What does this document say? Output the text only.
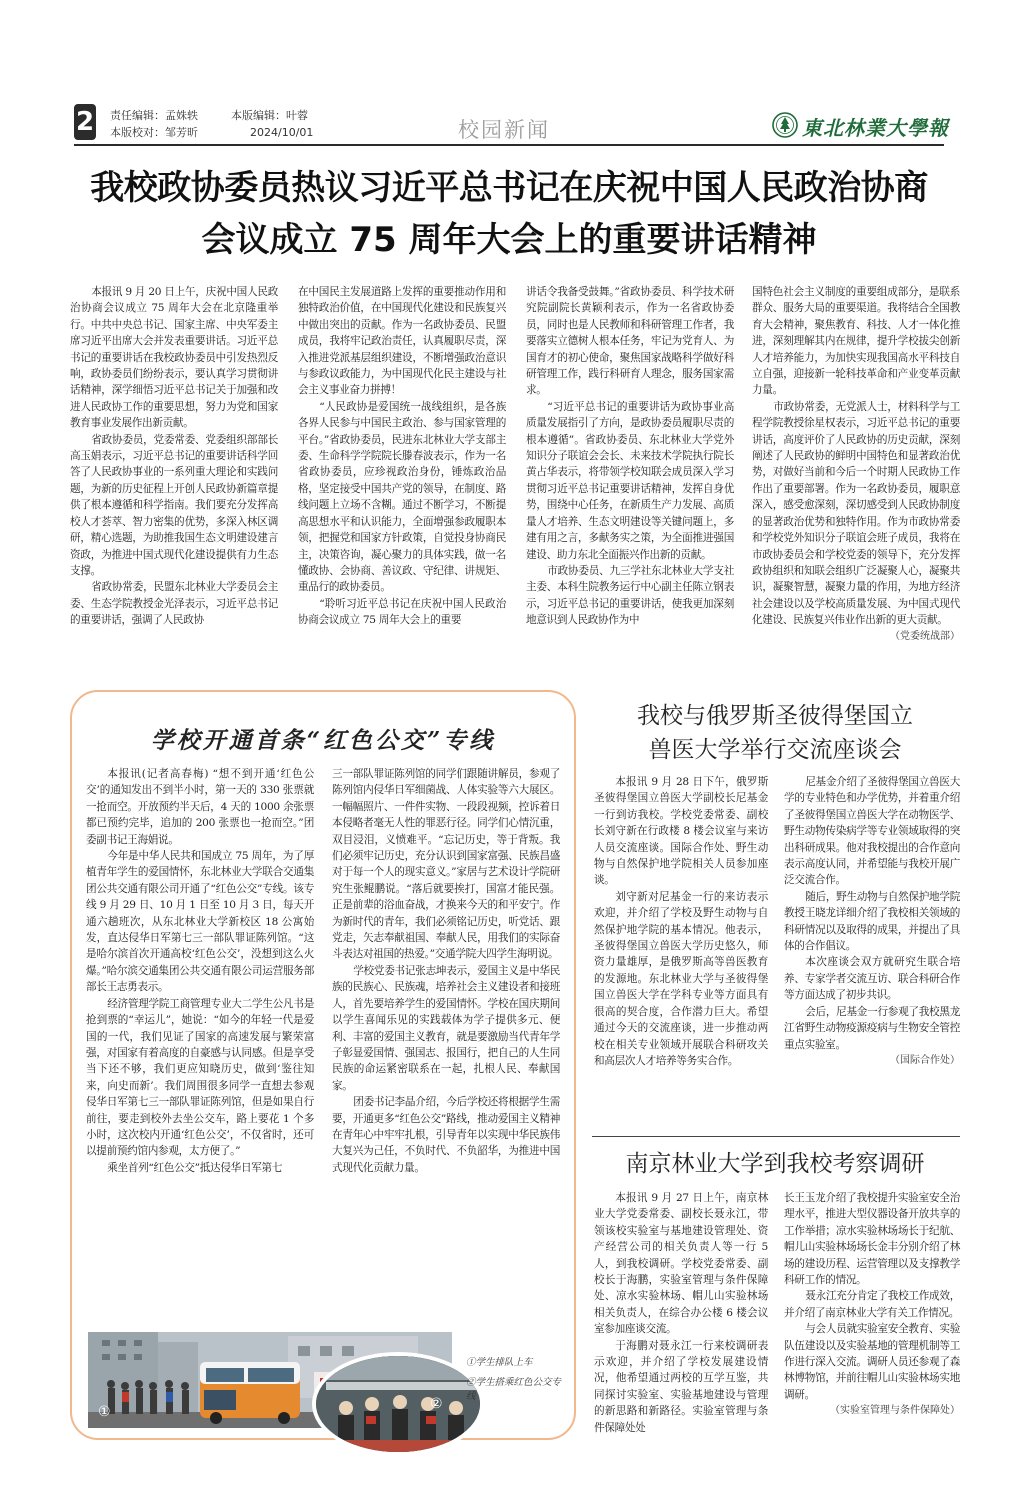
2 责任编辑：孟姝轶	本版编辑：叶蓉
本版校对：邹芳昕	2024/10/01	校园新闻	東北林業大學報
我校政协委员热议习近平总书记在庆祝中国人民政治协商
会议成立 75 周年大会上的重要讲话精神

本报讯 9 月 20 日上午，庆祝中国人民政治协商会议成立 75 周年大会在北京隆重举行。中共中央总书记、国家主席、中央军委主席习近平出席大会并发表重要讲话。习近平总书记的重要讲话在我校政协委员中引发热烈反响，政协委员们纷纷表示，要认真学习贯彻讲话精神，深学细悟习近平总书记关于加强和改进人民政协工作的重要思想，努力为党和国家教育事业发展作出新贡献。

省政协委员，党委常委、党委组织部部长高玉娟表示，习近平总书记的重要讲话科学回答了人民政协事业的一系列重大理论和实践问题，为新的历史征程上开创人民政协新篇章提供了根本遵循和科学指南。我们要充分发挥高校人才荟萃、智力密集的优势，多深入林区调研，精心选题，为助推我国生态文明建设建言资政，为推进中国式现代化建设提供有力生态支撑。

省政协常委，民盟东北林业大学委员会主委、生态学院教授金光泽表示，习近平总书记的重要讲话，强调了人民政协

在中国民主发展道路上发挥的重要推动作用和独特政治价值，在中国现代化建设和民族复兴中做出突出的贡献。作为一名政协委员、民盟成员，我将牢记政治责任，认真履职尽责，深入推进党派基层组织建设，不断增强政治意识与参政议政能力，为中国现代化民主建设与社会主义事业奋力拼搏！

“人民政协是爱国统一战线组织，是各族各界人民参与中国民主政治、参与国家管理的平台。”省政协委员，民进东北林业大学支部主委、生命科学学院院长滕春波表示，作为一名省政协委员，应珍视政治身份，锤炼政治品格，坚定接受中国共产党的领导，在制度、路线问题上立场不含糊。通过不断学习，不断提高思想水平和认识能力，全面增强参政履职本领，把握党和国家方针政策，自觉投身协商民主，决策咨询，凝心聚力的具体实践，做一名懂政协、会协商、善议政、守纪律、讲规矩、重品行的政协委员。

“聆听习近平总书记在庆祝中国人民政治协商会议成立 75 周年大会上的重要

讲话令我备受鼓舞。”省政协委员、科学技术研究院副院长黄颖利表示，作为一名省政协委员，同时也是人民教师和科研管理工作者，我要落实立德树人根本任务，牢记为党育人、为国育才的初心使命，聚焦国家战略科学做好科研管理工作，践行科研育人理念，服务国家需求。

“习近平总书记的重要讲话为政协事业高质量发展指引了方向，是政协委员履职尽责的根本遵循”。省政协委员、东北林业大学党外知识分子联谊会会长、未来技术学院执行院长黄占华表示，将带领学校知联会成员深入学习贯彻习近平总书记重要讲话精神，发挥自身优势，围绕中心任务，在新质生产力发展、高质量人才培养、生态文明建设等关键问题上，多建有用之言，多献务实之策，为全面推进强国建设、助力东北全面振兴作出新的贡献。

市政协委员、九三学社东北林业大学支社主委、本科生院教务运行中心副主任陈立钢表示，习近平总书记的重要讲话，使我更加深刻地意识到人民政协作为中

国特色社会主义制度的重要组成部分，是联系群众、服务大局的重要渠道。我将结合全国教育大会精神，聚焦教育、科技、人才一体化推进，深刻理解其内在规律，提升学校拔尖创新人才培养能力，为加快实现我国高水平科技自立自强，迎接新一轮科技革命和产业变革贡献力量。

市政协常委，无党派人士，材料科学与工程学院教授徐星权表示，习近平总书记的重要讲话，高度评价了人民政协的历史贡献，深刻阐述了人民政协的鲜明中国特色和显著政治优势，对做好当前和今后一个时期人民政协工作作出了重要部署。作为一名政协委员，履职意深入，感受愈深刻，深切感受到人民政协制度的显著政治优势和独特作用。作为市政协常委和学校党外知识分子联谊会班子成员，我将在市政协委员会和学校党委的领导下，充分发挥政协组织和知联会组织广泛凝聚人心，凝聚共识，凝聚智慧，凝聚力量的作用，为地方经济社会建设以及学校高质量发展、为中国式现代化建设、民族复兴伟业作出新的更大贡献。

（党委统战部）

学校开通首条“红色公交”专线

本报讯(记者高春梅) “想不到开通‘红色公交’的通知发出不到半小时，第一天的 330 张票就一抢而空。开放预约半天后，4 天的 1000 余张票都已预约完毕，追加的 200 张票也一抢而空。”团委副书记王海娟说。

今年是中华人民共和国成立 75 周年，为了厚植青年学生的爱国情怀，东北林业大学联合交通集团公共交通有限公司开通了“红色公交”专线。该专线 9 月 29 日、10 月 1 日至 10 月 3 日，每天开通六趟班次，从东北林业大学新校区 18 公寓始发，直达侵华日军第七三一部队罪证陈列馆。“这是哈尔滨首次开通高校‘红色公交’，没想到这么火爆。”哈尔滨交通集团公共交通有限公司运营服务部部长王志勇表示。

经济管理学院工商管理专业大二学生公凡书是抢到票的“幸运儿”，她说：“如今的年轻一代是爱国的一代，我们见证了国家的高速发展与繁荣富强，对国家有着高度的自豪感与认同感。但是享受当下还不够，我们更应知晓历史，做到‘鉴往知来，向史而新’。我们周围很多同学一直想去参观侵华日军第七三一部队罪证陈列馆，但是如果自行前往，要走到校外去坐公交车，路上要花 1 个多小时，这次校内开通‘红色公交’，不仅省时，还可以提前预约馆内参观，太方便了。”

乘坐首列“红色公交”抵达侵华日军第七

三一部队罪证陈列馆的同学们跟随讲解员，参观了陈列馆内侵华日军细菌战、人体实验等六大展区。一幅幅照片、一件件实物、一段段视频，控诉着日本侵略者毫无人性的罪恶行径。同学们心情沉重，双目浸泪，义愤难平。“忘记历史，等于背叛。我们必须牢记历史，充分认识到国家富强、民族昌盛对于每一个人的现实意义。”家居与艺术设计学院研究生张鲲鹏说。“落后就要挨打，国富才能民强。正是前辈的浴血奋战，才换来今天的和平安宁。作为新时代的青年，我们必须铭记历史，听党话、跟党走，矢志奉献祖国、奉献人民，用我们的实际奋斗表达对祖国的热爱。”交通学院大四学生海明说。

学校党委书记张志坤表示，爱国主义是中华民族的民族心、民族魂，培养社会主义建设者和接班人，首先要培养学生的爱国情怀。学校在国庆期间以学生喜闻乐见的实践载体为学子提供多元、便利、丰富的爱国主义教育，就是要激励当代青年学子彰显爱国情、强国志、报国行，把自己的人生同民族的命运紧密联系在一起，扎根人民、奉献国家。

团委书记李晶介绍，今后学校还将根据学生需要，开通更多“红色公交”路线，推动爱国主义精神在青年心中牢牢扎根，引导青年以实现中华民族伟大复兴为己任，不负时代、不负韶华，为推进中国式现代化贡献力量。

①	②
①学生排队上车
②学生搭乘红色公交专线
我校与俄罗斯圣彼得堡国立
兽医大学举行交流座谈会

本报讯 9 月 28 日下午，俄罗斯圣彼得堡国立兽医大学副校长尼基金一行到访我校。学校党委常委、副校长刘守新在行政楼 8 楼会议室与来访人员交流座谈。国际合作处、野生动物与自然保护地学院相关人员参加座谈。

刘守新对尼基金一行的来访表示欢迎，并介绍了学校及野生动物与自然保护地学院的基本情况。他表示，圣彼得堡国立兽医大学历史悠久，师资力量雄厚，是俄罗斯高等兽医教育的发源地。东北林业大学与圣彼得堡国立兽医大学在学科专业等方面具有很高的契合度，合作潜力巨大。希望通过今天的交流座谈，进一步推动两校在相关专业领域开展联合科研攻关和高层次人才培养等务实合作。

尼基金介绍了圣彼得堡国立兽医大学的专业特色和办学优势，并着重介绍了圣彼得堡国立兽医大学在动物医学、野生动物传染病学等专业领域取得的突出科研成果。他对我校提出的合作意向表示高度认同，并希望能与我校开展广泛交流合作。

随后，野生动物与自然保护地学院教授王晓龙详细介绍了我校相关领域的科研情况以及取得的成果，并提出了具体的合作倡议。

本次座谈会双方就研究生联合培养、专家学者交流互访、联合科研合作等方面达成了初步共识。

会后，尼基金一行参观了我校黑龙江省野生动物疫源疫病与生物安全管控重点实验室。

（国际合作处）

南京林业大学到我校考察调研

本报讯 9 月 27 日上午，南京林业大学党委常委、副校长聂永江，带领该校实验室与基地建设管理处、资产经营公司的相关负责人等一行 5 人，到我校调研。学校党委常委、副校长于海鹏，实验室管理与条件保障处、凉水实验林场、帽儿山实验林场相关负责人，在综合办公楼 6 楼会议室参加座谈交流。

于海鹏对聂永江一行来校调研表示欢迎，并介绍了学校发展建设情况，他希望通过两校的互学互鉴，共同探讨实验室、实验基地建设与管理的新思路和新路径。实验室管理与条件保障处处

长王玉龙介绍了我校提升实验室安全治理水平，推进大型仪器设备开放共享的工作举措；凉水实验林场场长于纪航、帽儿山实验林场场长金丰分别介绍了林场的建设历程、运营管理以及支撑教学科研工作的情况。

聂永江充分肯定了我校工作成效，并介绍了南京林业大学有关工作情况。

与会人员就实验室安全教育、实验队伍建设以及实验基地的管理机制等工作进行深入交流。调研人员还参观了森林博物馆，并前往帽儿山实验林场实地调研。

（实验室管理与条件保障处）
